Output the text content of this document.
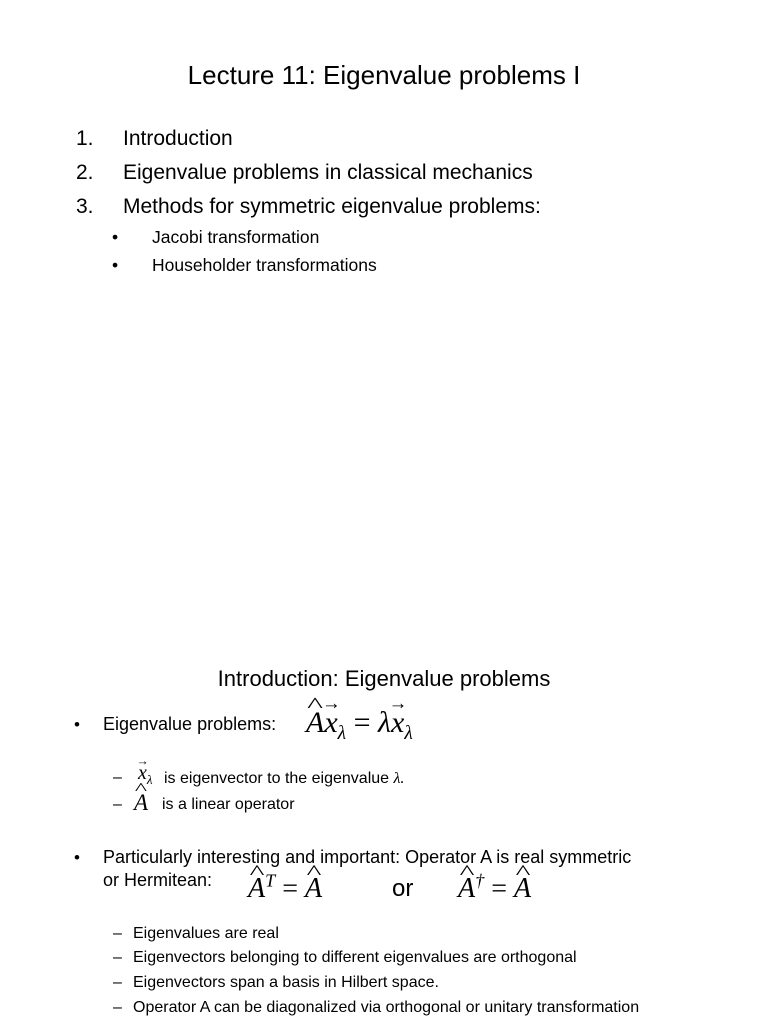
Lecture 11: Eigenvalue problems I
1. Introduction
2. Eigenvalue problems in classical mechanics
3. Methods for symmetric eigenvalue problems:
• Jacobi transformation
• Householder transformations
Introduction: Eigenvalue problems
• Eigenvalue problems: ^ $A\to x_\lambda = \lambda\to x_\lambda$
– → $x_\lambda$ is eigenvector to the eigenvalue λ.
– ^ A is a linear operator
• Particularly interesting and important: Operator A is real symmetric
or Hermitean: ^ $A^T$ = ^ A	or ^ A† = ^ A
– Eigenvalues are real
– Eigenvectors belonging to different eigenvalues are orthogonal
– Eigenvectors span a basis in Hilbert space.
– Operator A can be diagonalized via orthogonal or unitary transformation
